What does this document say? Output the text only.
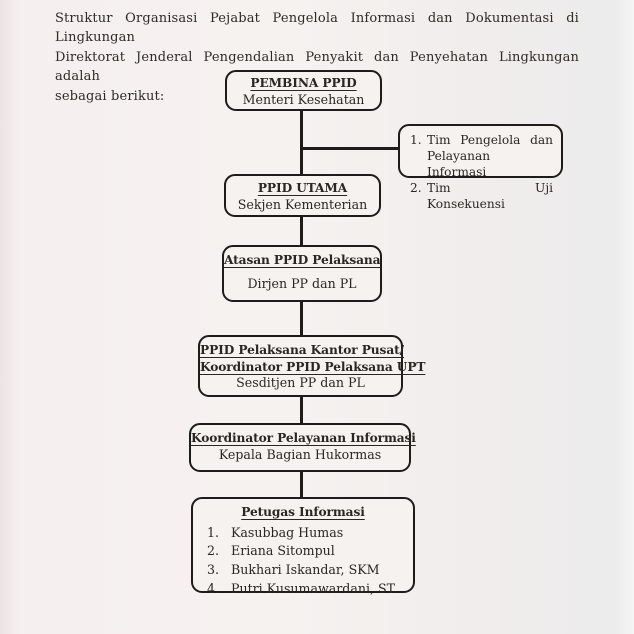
Struktur Organisasi Pejabat Pengelola Informasi dan Dokumentasi di Lingkungan
Direktorat Jenderal Pengendalian Penyakit dan Penyehatan Lingkungan adalah
sebagai berikut:
PEMBINA PPID
Menteri Kesehatan
1. Tim Pengelola dan Pelayanan Informasi
2. Tim Uji Konsekuensi
PPID UTAMA
Sekjen Kementerian
Atasan PPID Pelaksana
Dirjen PP dan PL
PPID Pelaksana Kantor Pusat/
Koordinator PPID Pelaksana UPT
Sesditjen PP dan PL
Koordinator Pelayanan Informasi
Kepala Bagian Hukormas
Petugas Informasi
1. Kasubbag Humas
2. Eriana Sitompul
3. Bukhari Iskandar, SKM
4. Putri Kusumawardani, ST
